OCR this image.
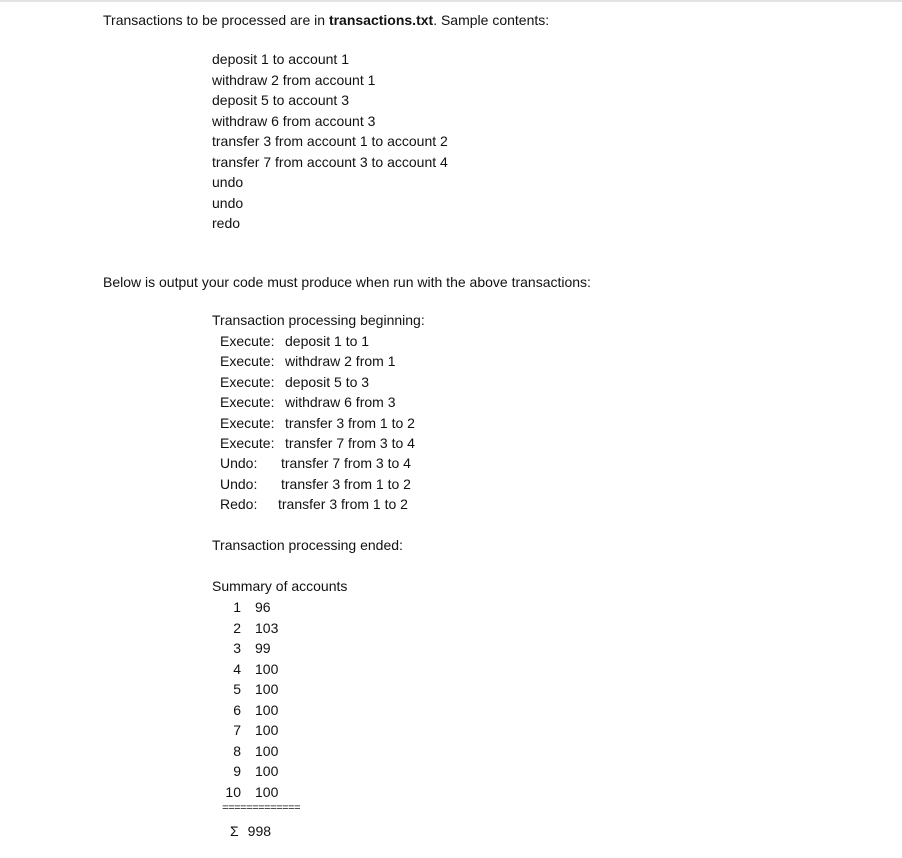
Transactions to be processed are in transactions.txt. Sample contents:
deposit 1 to account 1
withdraw 2 from account 1
deposit 5 to account 3
withdraw 6 from account 3
transfer 3 from account 1 to account 2
transfer 7 from account 3 to account 4
undo
undo
redo
Below is output your code must produce when run with the above transactions:
Transaction processing beginning:
Execute: deposit 1 to 1
Execute: withdraw 2 from 1
Execute: deposit 5 to 3
Execute: withdraw 6 from 3
Execute: transfer 3 from 1 to 2
Execute: transfer 7 from 3 to 4
Undo: transfer 7 from 3 to 4
Undo: transfer 3 from 1 to 2
Redo: transfer 3 from 1 to 2
Transaction processing ended:
Summary of accounts
1 96
2 103
3 99
4 100
5 100
6 100
7 100
8 100
9 100
10 100
=============
Σ 998
